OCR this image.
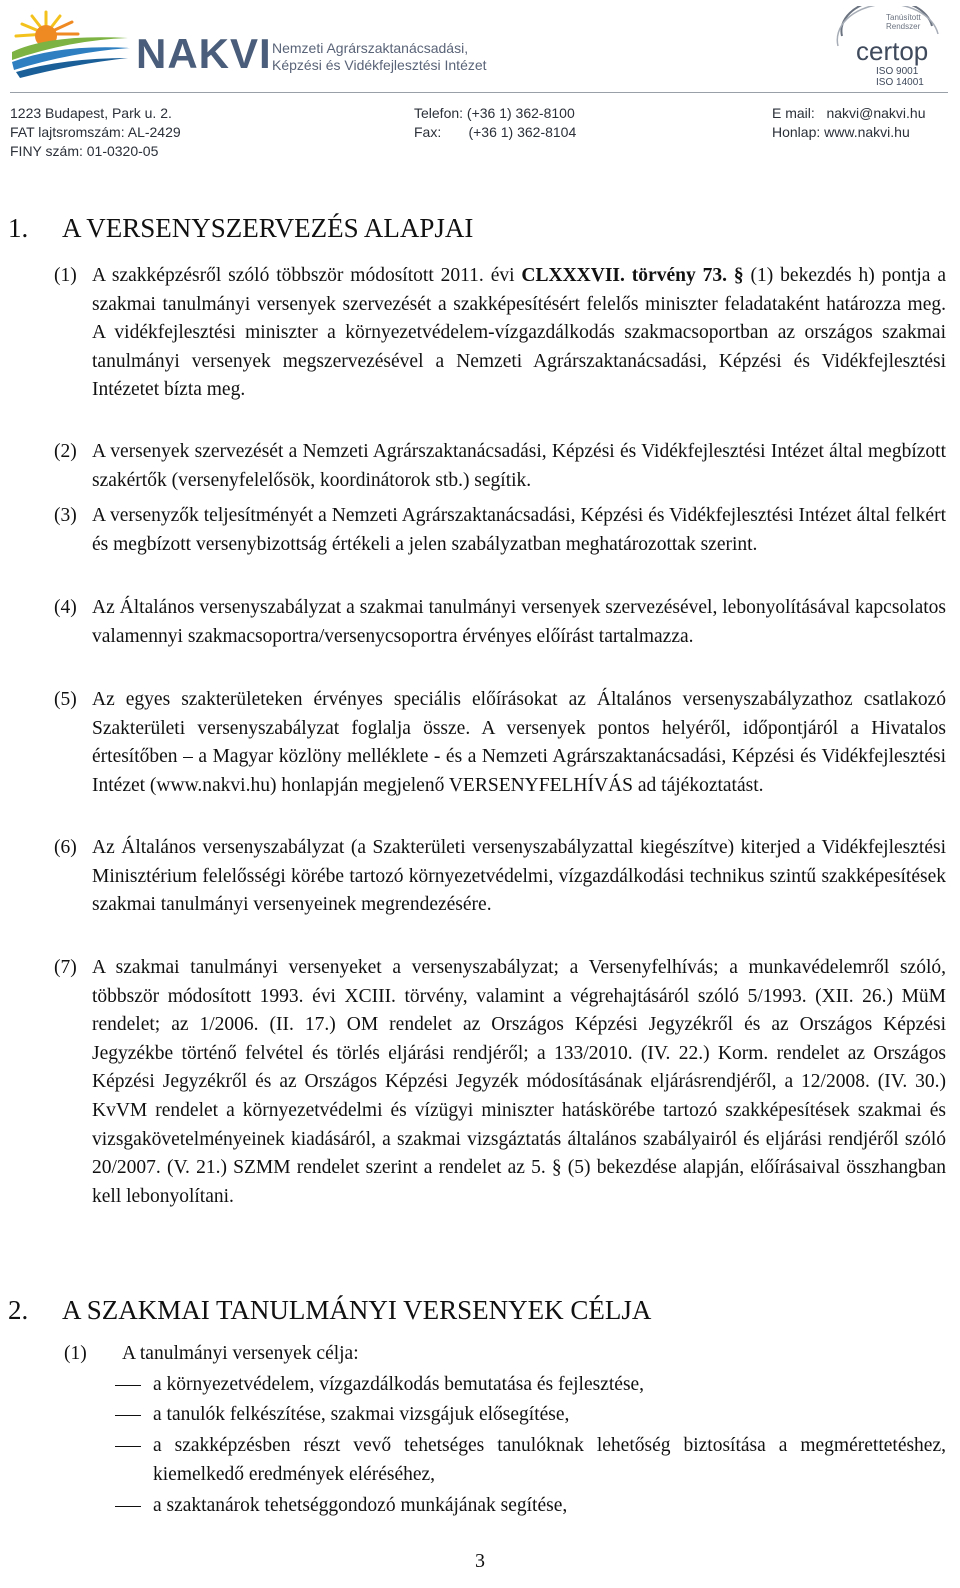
NAKVI Nemzeti Agrárszaktanácsadási,
Képzési és Vidékfejlesztési Intézet
Tanúsított
Rendszer
certop
ISO 9001
ISO 14001
1223 Budapest, Park u. 2.
FAT lajtsromszám: AL-2429
FINY szám: 01-0320-05
Telefon: (+36 1) 362-8100
Fax:       (+36 1) 362-8104
E mail:   nakvi@nakvi.hu
Honlap: www.nakvi.hu
1. A VERSENYSZERVEZÉS ALAPJAI
(1) A szakképzésről szóló többször módosított 2011. évi CLXXXVII. törvény 73. § (1) bekezdés h) pontja a szakmai tanulmányi versenyek szervezését a szakképesítésért felelős miniszter feladataként határozza meg. A vidékfejlesztési miniszter a környezetvédelem-vízgazdálkodás szakmacsoportban az országos szakmai tanulmányi versenyek megszervezésével a Nemzeti Agrárszaktanácsadási, Képzési és Vidékfejlesztési Intézetet bízta meg.
(2) A versenyek szervezését a Nemzeti Agrárszaktanácsadási, Képzési és Vidékfejlesztési Intézet által megbízott szakértők (versenyfelelősök, koordinátorok stb.) segítik.
(3) A versenyzők teljesítményét a Nemzeti Agrárszaktanácsadási, Képzési és Vidékfejlesztési Intézet által felkért és megbízott versenybizottság értékeli a jelen szabályzatban meghatározottak szerint.
(4) Az Általános versenyszabályzat a szakmai tanulmányi versenyek szervezésével, lebonyolításával kapcsolatos valamennyi szakmacsoportra/versenycsoportra érvényes előírást tartalmazza.
(5) Az egyes szakterületeken érvényes speciális előírásokat az Általános versenyszabályzathoz csatlakozó Szakterületi versenyszabályzat foglalja össze. A versenyek pontos helyéről, időpontjáról a Hivatalos értesítőben – a Magyar közlöny melléklete - és a Nemzeti Agrárszaktanácsadási, Képzési és Vidékfejlesztési Intézet (www.nakvi.hu) honlapján megjelenő VERSENYFELHÍVÁS ad tájékoztatást.
(6) Az Általános versenyszabályzat (a Szakterületi versenyszabályzattal kiegészítve) kiterjed a Vidékfejlesztési Minisztérium felelősségi körébe tartozó környezetvédelmi, vízgazdálkodási technikus szintű szakképesítések szakmai tanulmányi versenyeinek megrendezésére.
(7) A szakmai tanulmányi versenyeket a versenyszabályzat; a Versenyfelhívás; a munkavédelemről szóló, többször módosított 1993. évi XCIII. törvény, valamint a végrehajtásáról szóló 5/1993. (XII. 26.) MüM rendelet; az 1/2006. (II. 17.) OM rendelet az Országos Képzési Jegyzékről és az Országos Képzési Jegyzékbe történő felvétel és törlés eljárási rendjéről; a 133/2010. (IV. 22.) Korm. rendelet az Országos Képzési Jegyzékről és az Országos Képzési Jegyzék módosításának eljárásrendjéről, a 12/2008. (IV. 30.) KvVM rendelet a környezetvédelmi és vízügyi miniszter hatáskörébe tartozó szakképesítések szakmai és vizsgakövetelményeinek kiadásáról, a szakmai vizsgáztatás általános szabályairól és eljárási rendjéről szóló 20/2007. (V. 21.) SZMM rendelet szerint a rendelet az 5. § (5) bekezdése alapján, előírásaival összhangban kell lebonyolítani.
2. A SZAKMAI TANULMÁNYI VERSENYEK CÉLJA
(1)	A tanulmányi versenyek célja:
a környezetvédelem, vízgazdálkodás bemutatása és fejlesztése,
a tanulók felkészítése, szakmai vizsgájuk elősegítése,
a szakképzésben részt vevő tehetséges tanulóknak lehetőség biztosítása a megmérettetéshez, kiemelkedő eredmények eléréséhez,
a szaktanárok tehetséggondozó munkájának segítése,
3
